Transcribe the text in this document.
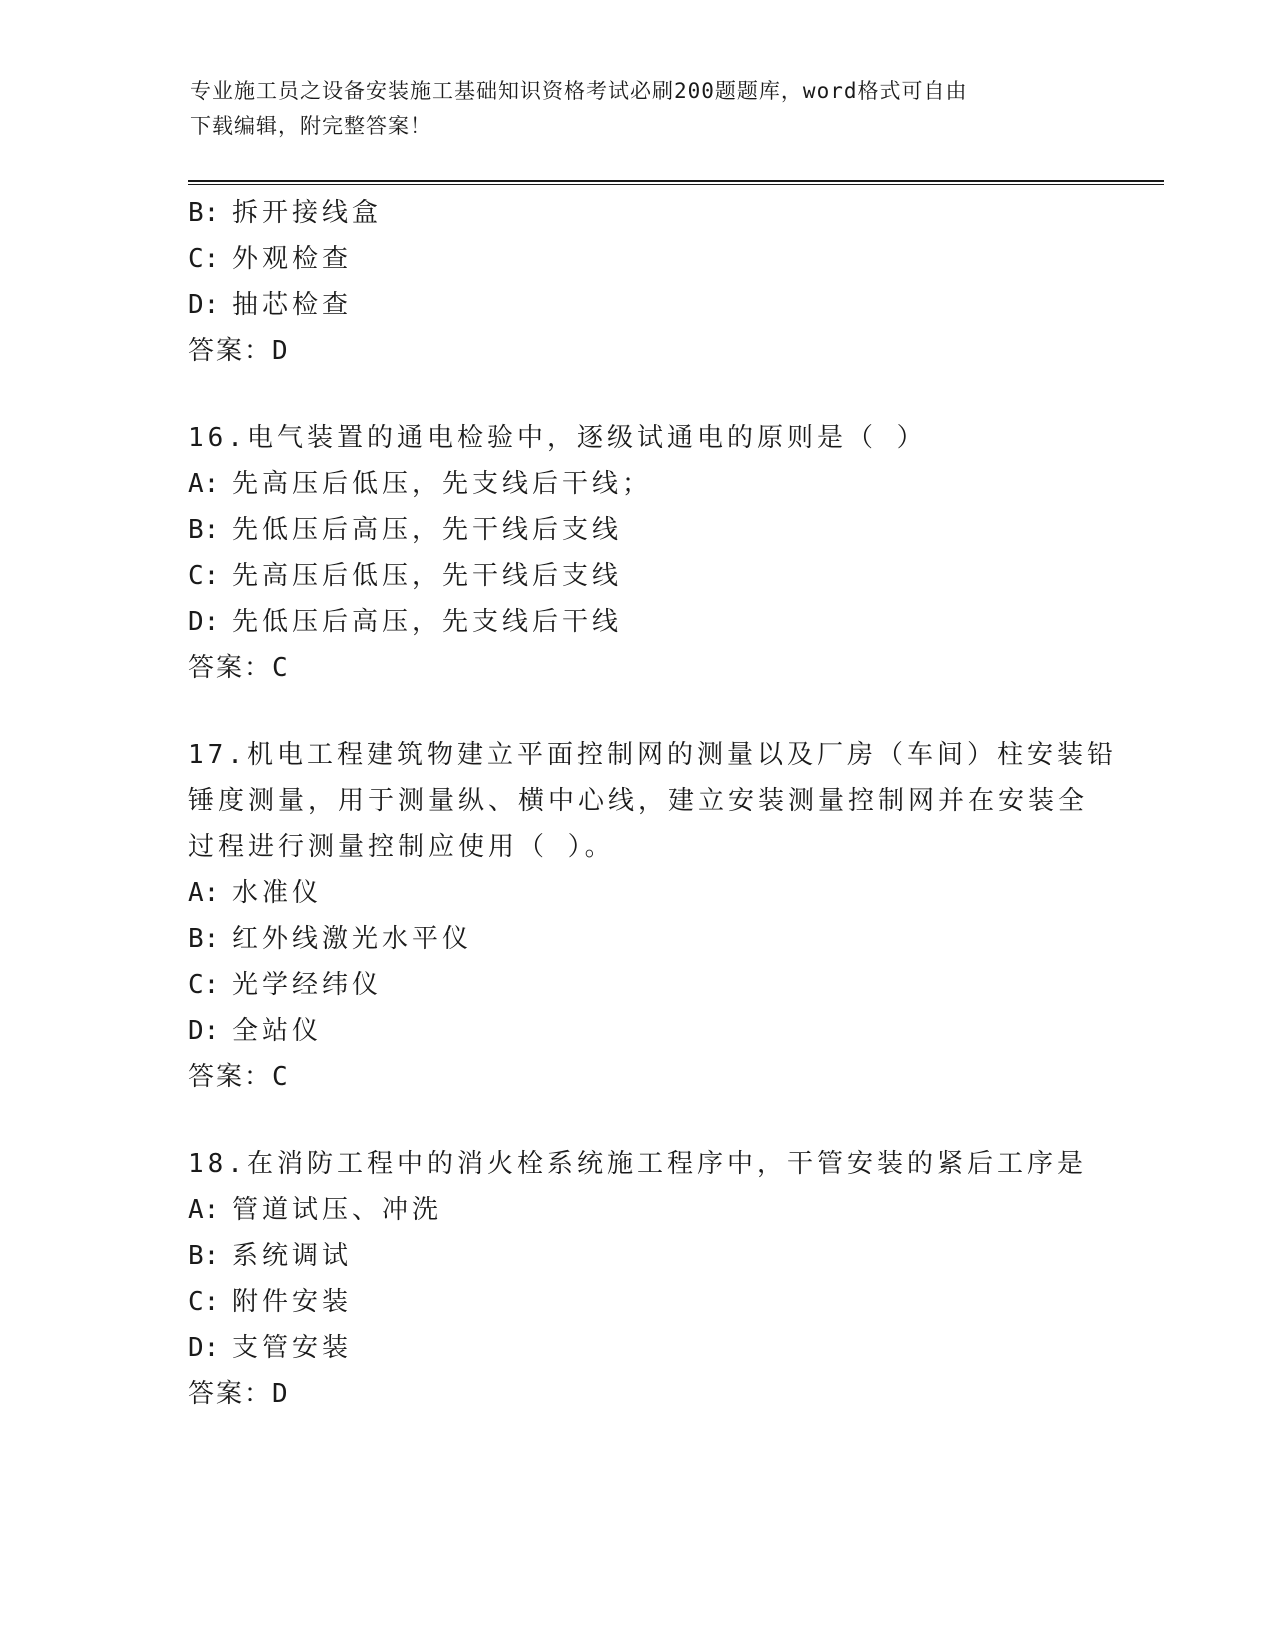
专业施工员之设备安装施工基础知识资格考试必刷200题题库，word格式可自由
下载编辑，附完整答案！
B: 拆开接线盒
C: 外观检查
D: 抽芯检查
答案：D
16.电气装置的通电检验中，逐级试通电的原则是（ ）
A: 先高压后低压，先支线后干线；
B: 先低压后高压，先干线后支线
C: 先高压后低压，先干线后支线
D: 先低压后高压，先支线后干线
答案：C
17.机电工程建筑物建立平面控制网的测量以及厂房（车间）柱安装铅
锤度测量，用于测量纵、横中心线，建立安装测量控制网并在安装全
过程进行测量控制应使用（ ）。
A: 水准仪
B: 红外线激光水平仪
C: 光学经纬仪
D: 全站仪
答案：C
18.在消防工程中的消火栓系统施工程序中，干管安装的紧后工序是
A: 管道试压、冲洗
B: 系统调试
C: 附件安装
D: 支管安装
答案：D
